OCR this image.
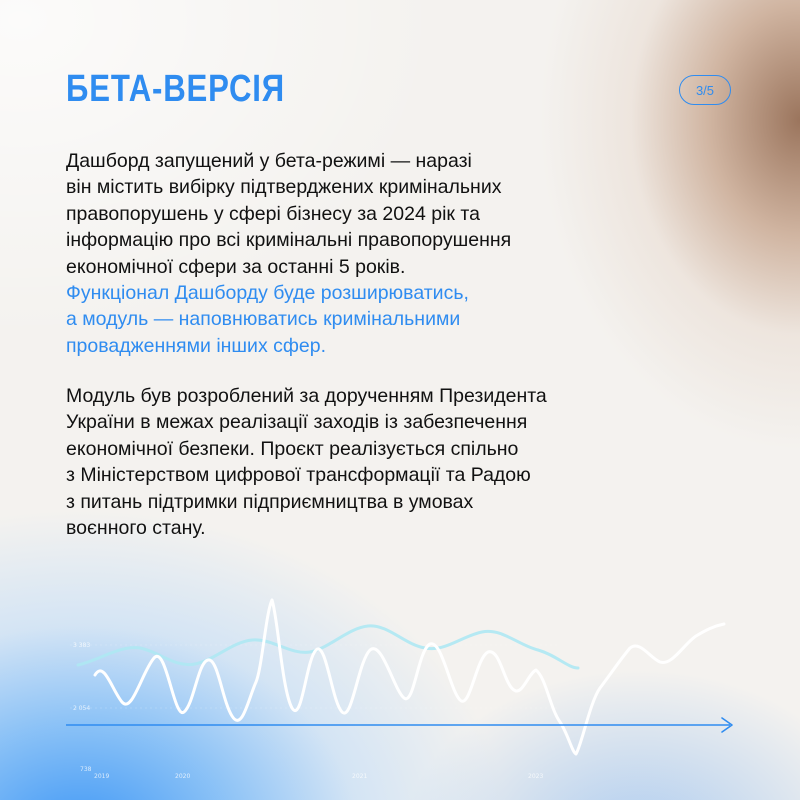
БЕТА-ВЕРСІЯ	3/5

Дашборд запущений у бета-режимі — наразі
він містить вибірку підтверджених кримінальних
правопорушень у сфері бізнесу за 2024 рік та
інформацію про всі кримінальні правопорушення
економічної сфери за останні 5 років.
Функціонал Дашборду буде розширюватись,
а модуль — наповнюватись кримінальними
провадженнями інших сфер.

Модуль був розроблений за дорученням Президента
України в межах реалізації заходів із забезпечення
економічної безпеки. Проєкт реалізується спільно
з Міністерством цифрової трансформації та Радою
з питань підтримки підприємництва в умовах
воєнного стану.

3 383
2 054
738
2019	2020	2021	2023
